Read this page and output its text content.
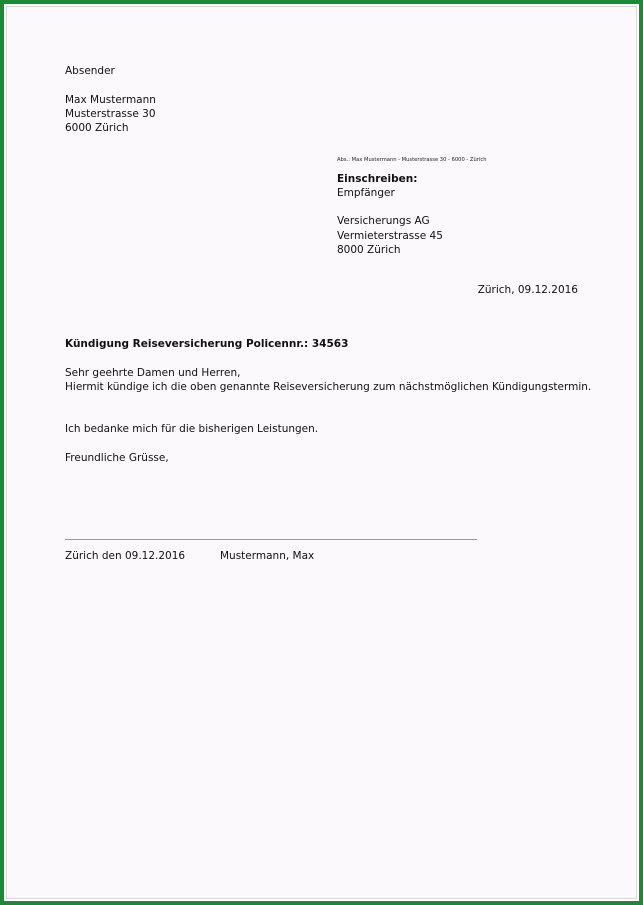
Absender
Max Mustermann
Musterstrasse 30
6000 Zürich
Abs.: Max Mustermann - Musterstrasse 30 - 6000 - Zürich
Einschreiben:
Empfänger
Versicherungs AG
Vermieterstrasse 45
8000 Zürich
Zürich, 09.12.2016
Kündigung Reiseversicherung Policennr.: 34563
Sehr geehrte Damen und Herren,
Hiermit kündige ich die oben genannte Reiseversicherung zum nächstmöglichen Kündigungstermin.
Ich bedanke mich für die bisherigen Leistungen.
Freundliche Grüsse,
Zürich den 09.12.2016	Mustermann, Max
